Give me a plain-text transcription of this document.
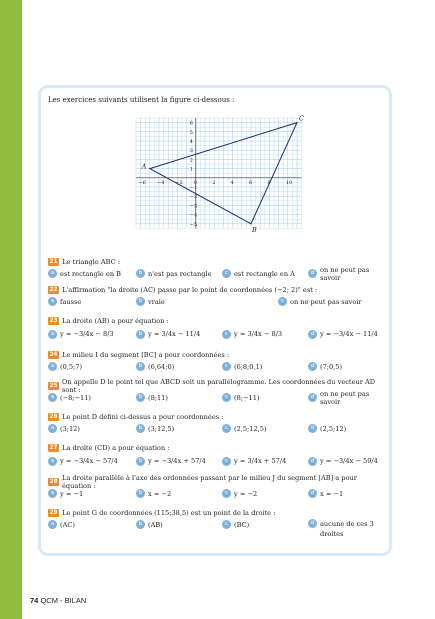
Les exercices suivants utilisent la figure ci-dessous :
−6 −4 −2 0	2	4	6	8	10
6
5
4
3
2
1
−1
−2
−3
−4
−5
A
B
C
21 Le triangle ABC :
a est rectangle en B	b n'est pas rectangle	c est rectangle en A	d on ne peut pas savoir
22 L'affirmation "la droite (AC) passe par le point de coordonnées (−2; 2)" est :
a fausse	b vraie	c on ne peut pas savoir
23 La droite (AB) a pour équation :
a y = −3/4x − 8/3	b y = 3/4x − 11/4	c y = 3/4x − 8/3	d y = −3/4x − 11/4
24 Le milieu I du segment [BC] a pour coordonnées :
a (0,5;7)	b (6,64;0)	c (6,8;0,1)	d (7;0,5)
25 On appelle D le point tel que ABCD soit un parallélogramme. Les coordonnées du vecteur AD sont :
a (−8;−11)	b (8;11)	c (8;−11)	d on ne peut pas savoir
26 Le point D défini ci-dessus a pour coordonnées :
a (3;12)	b (3;12,5)	c (2,5;12,5)	d (2,5;12)
27 La droite (CD) a pour équation :
a y = −3/4x − 57/4	b y = −3/4x + 57/4	c y = 3/4x + 57/4	d y = −3/4x − 59/4
28 La droite parallèle à l'axe des ordonnées passant par le milieu J du segment [AB] a pour équation :
a y = −1	b x = −2	c y = −2	d x = −1
29 Le point G de coordonnées (115;38,5) est un point de la droite :
a (AC)	b (AB)	c (BC)	d aucune de ces 3 droites
74 QCM - BILAN
